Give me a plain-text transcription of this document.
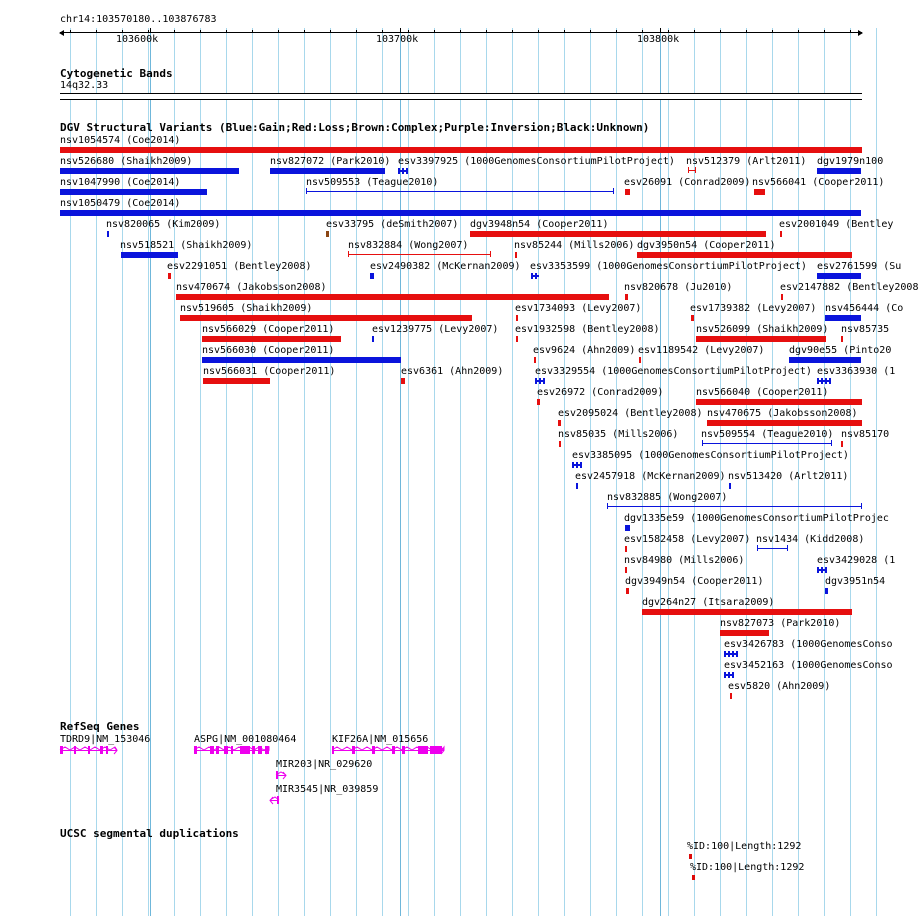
chr14:103570180..103876783
103600k	103700k	103800k
Cytogenetic Bands
14q32.33
DGV Structural Variants (Blue:Gain;Red:Loss;Brown:Complex;Purple:Inversion;Black:Unknown)
nsv1054574 (Coe2014)
nsv526680 (Shaikh2009)	nsv827072 (Park2010) esv3397925 (1000GenomesConsortiumPilotProject) nsv512379 (Arlt2011) dgv1979n100
nsv1047990 (Coe2014)	nsv509553 (Teague2010)	esv26091 (Conrad2009) nsv566041 (Cooper2011)
nsv1050479 (Coe2014)
nsv820065 (Kim2009)	esv33795 (deSmith2007) dgv3948n54 (Cooper2011)	esv2001049 (Bentley
nsv518521 (Shaikh2009)	nsv832884 (Wong2007)	nsv85244 (Mills2006) dgv3950n54 (Cooper2011)
esv2291051 (Bentley2008)	esv2490382 (McKernan2009) esv3353599 (1000GenomesConsortiumPilotProject) esv2761599 (Su
nsv470674 (Jakobsson2008)	nsv820678 (Ju2010)	esv2147882 (Bentley2008
nsv519605 (Shaikh2009)	esv1734093 (Levy2007)	esv1739382 (Levy2007) nsv456444 (Co
nsv566029 (Cooper2011)	esv1239775 (Levy2007) esv1932598 (Bentley2008)	nsv526099 (Shaikh2009) nsv85735
nsv566030 (Cooper2011)	esv9624 (Ahn2009) esv1189542 (Levy2007) dgv90e55 (Pinto20
nsv566031 (Cooper2011)	esv6361 (Ahn2009)	esv3329554 (1000GenomesConsortiumPilotProject) esv3363930 (1
esv26972 (Conrad2009)	nsv566040 (Cooper2011)
esv2095024 (Bentley2008) nsv470675 (Jakobsson2008)
nsv85035 (Mills2006) nsv509554 (Teague2010) nsv85170
esv3385095 (1000GenomesConsortiumPilotProject)
esv2457918 (McKernan2009) nsv513420 (Arlt2011)
nsv832885 (Wong2007)
dgv1335e59 (1000GenomesConsortiumPilotProjec
esv1582458 (Levy2007) nsv1434 (Kidd2008)
nsv84980 (Mills2006)	esv3429028 (1
dgv3949n54 (Cooper2011)	dgv3951n54
dgv264n27 (Itsara2009)
nsv827073 (Park2010)
esv3426783 (1000GenomesConso
esv3452163 (1000GenomesConso
esv5820 (Ahn2009)
RefSeq Genes
TDRD9|NM_153046	ASPG|NM_001080464	KIF26A|NM_015656
MIR203|NR_029620
MIR3545|NR_039859
UCSC segmental duplications
%ID:100|Length:1292
%ID:100|Length:1292
